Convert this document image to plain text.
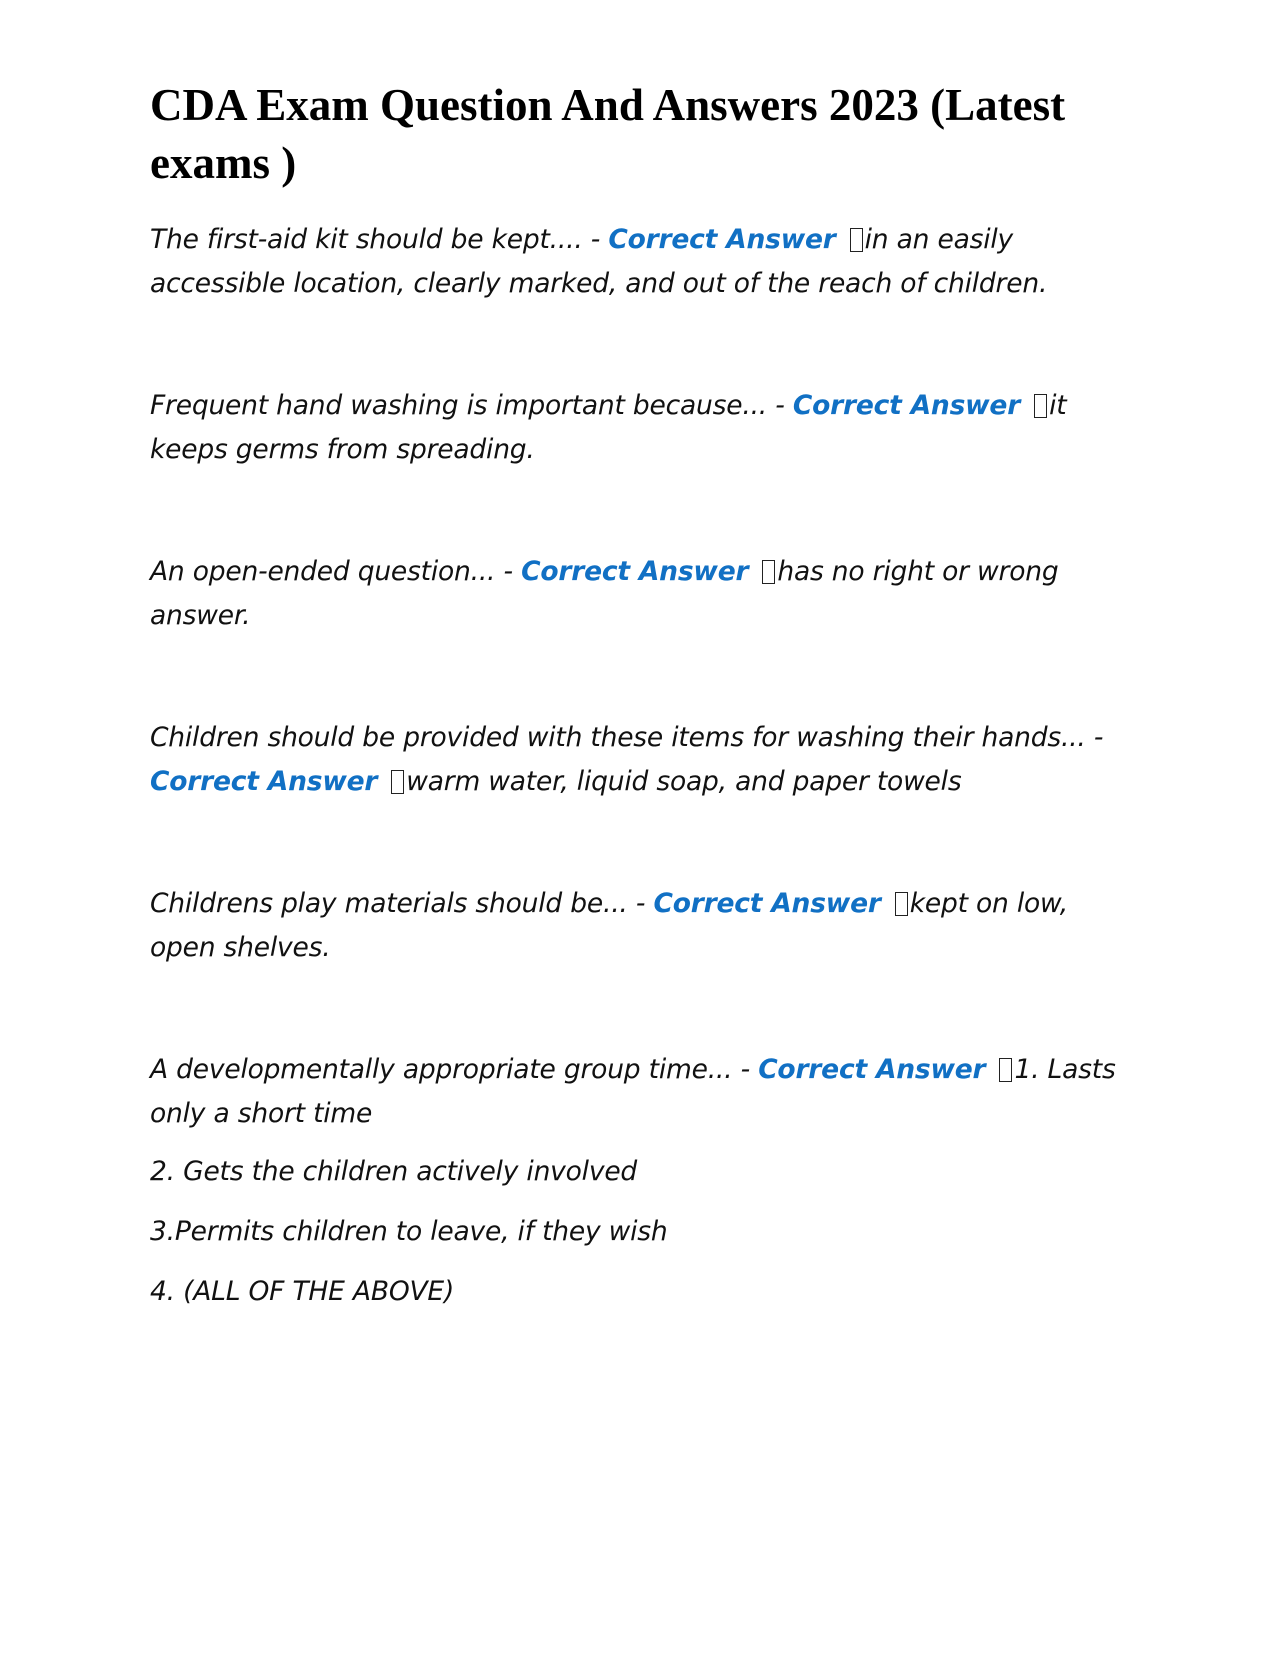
CDA Exam Question And Answers 2023 (Latest exams )

The first-aid kit should be kept.... - Correct Answer in an easily accessible location, clearly marked, and out of the reach of children.

Frequent hand washing is important because... - Correct Answer it keeps germs from spreading.

An open-ended question... - Correct Answer has no right or wrong answer.

Children should be provided with these items for washing their hands... - Correct Answer warm water, liquid soap, and paper towels

Childrens play materials should be... - Correct Answer kept on low, open shelves.

A developmentally appropriate group time... - Correct Answer 1. Lasts only a short time

2. Gets the children actively involved

3.Permits children to leave, if they wish

4. (ALL OF THE ABOVE)
